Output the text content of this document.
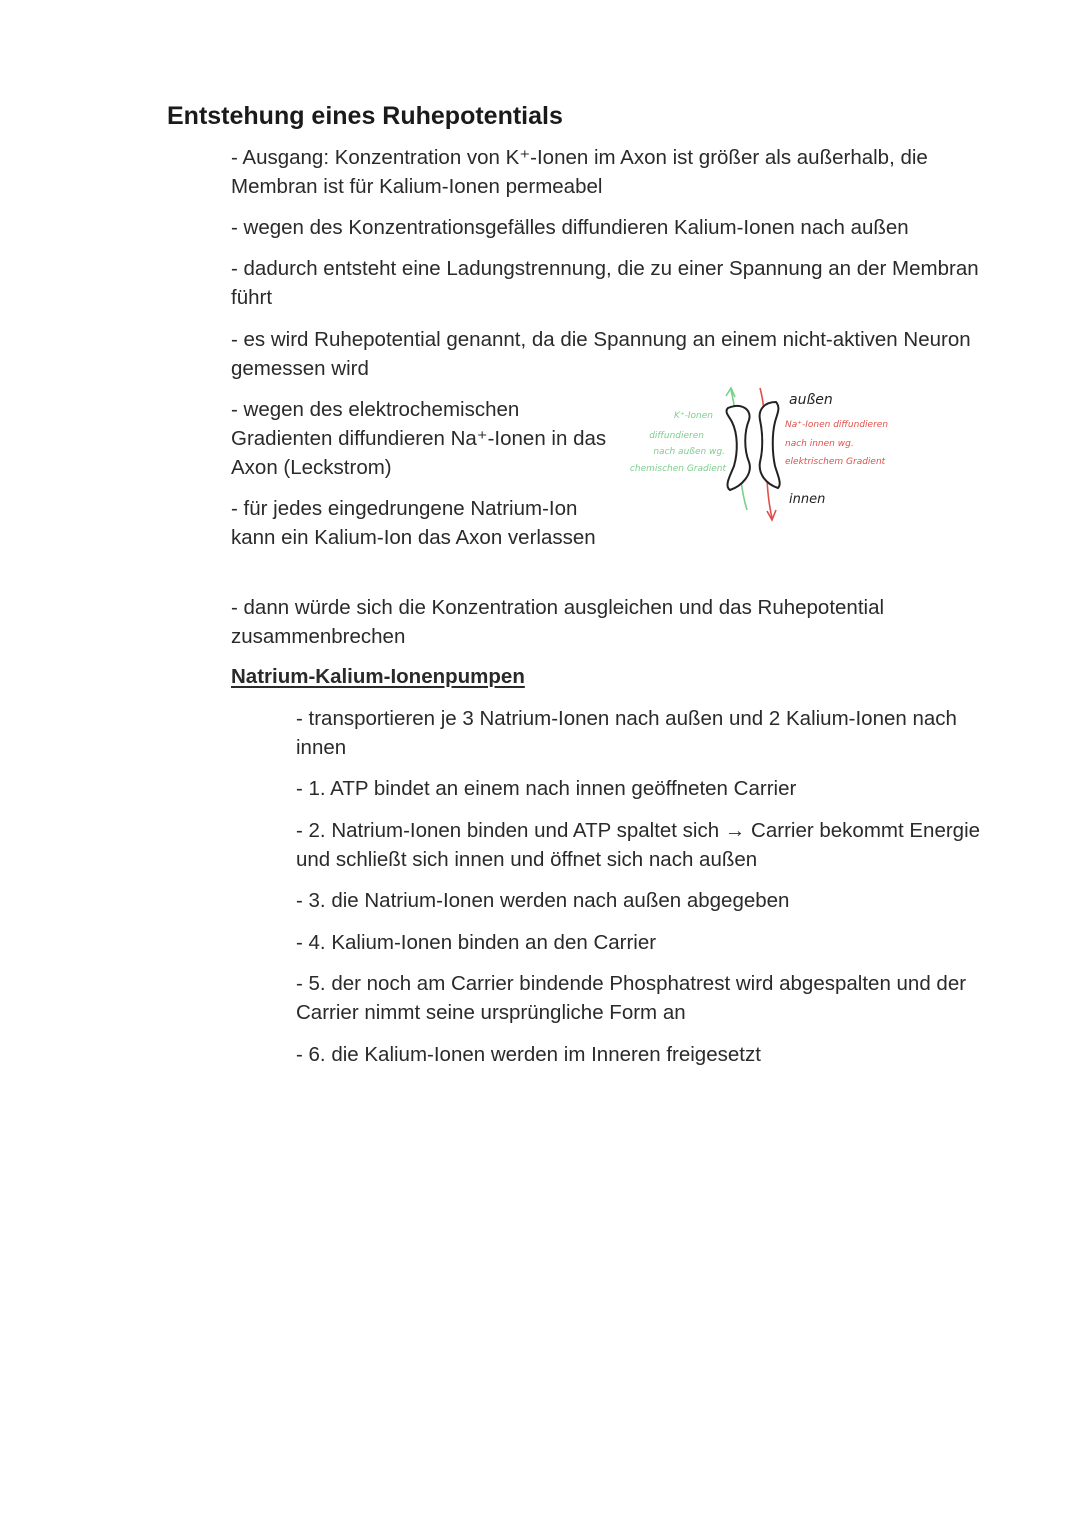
Entstehung eines Ruhepotentials

- Ausgang: Konzentration von K⁺-Ionen im Axon ist größer als außerhalb, die Membran ist für Kalium-Ionen permeabel

- wegen des Konzentrationsgefälles diffundieren Kalium-Ionen nach außen

- dadurch entsteht eine Ladungstrennung, die zu einer Spannung an der Membran führt

- es wird Ruhepotential genannt, da die Spannung an einem nicht-aktiven Neuron gemessen wird

- wegen des elektrochemischen Gradienten diffundieren Na⁺-Ionen in das Axon (Leckstrom)

- für jedes eingedrungene Natrium-Ion kann ein Kalium-Ion das Axon verlassen

- dann würde sich die Konzentration ausgleichen und das Ruhepotential zusammenbrechen

außen
innen
K⁺-Ionen
diffundieren
nach außen wg.
chemischen Gradient
Na⁺-Ionen diffundieren
nach innen wg.
elektrischem Gradient
Natrium-Kalium-Ionenpumpen

- transportieren je 3 Natrium-Ionen nach außen und 2 Kalium-Ionen nach innen

- 1. ATP bindet an einem nach innen geöffneten Carrier

- 2. Natrium-Ionen binden und ATP spaltet sich → Carrier bekommt Energie und schließt sich innen und öffnet sich nach außen

- 3. die Natrium-Ionen werden nach außen abgegeben

- 4. Kalium-Ionen binden an den Carrier

- 5. der noch am Carrier bindende Phosphatrest wird abgespalten und der Carrier nimmt seine ursprüngliche Form an

- 6. die Kalium-Ionen werden im Inneren freigesetzt
